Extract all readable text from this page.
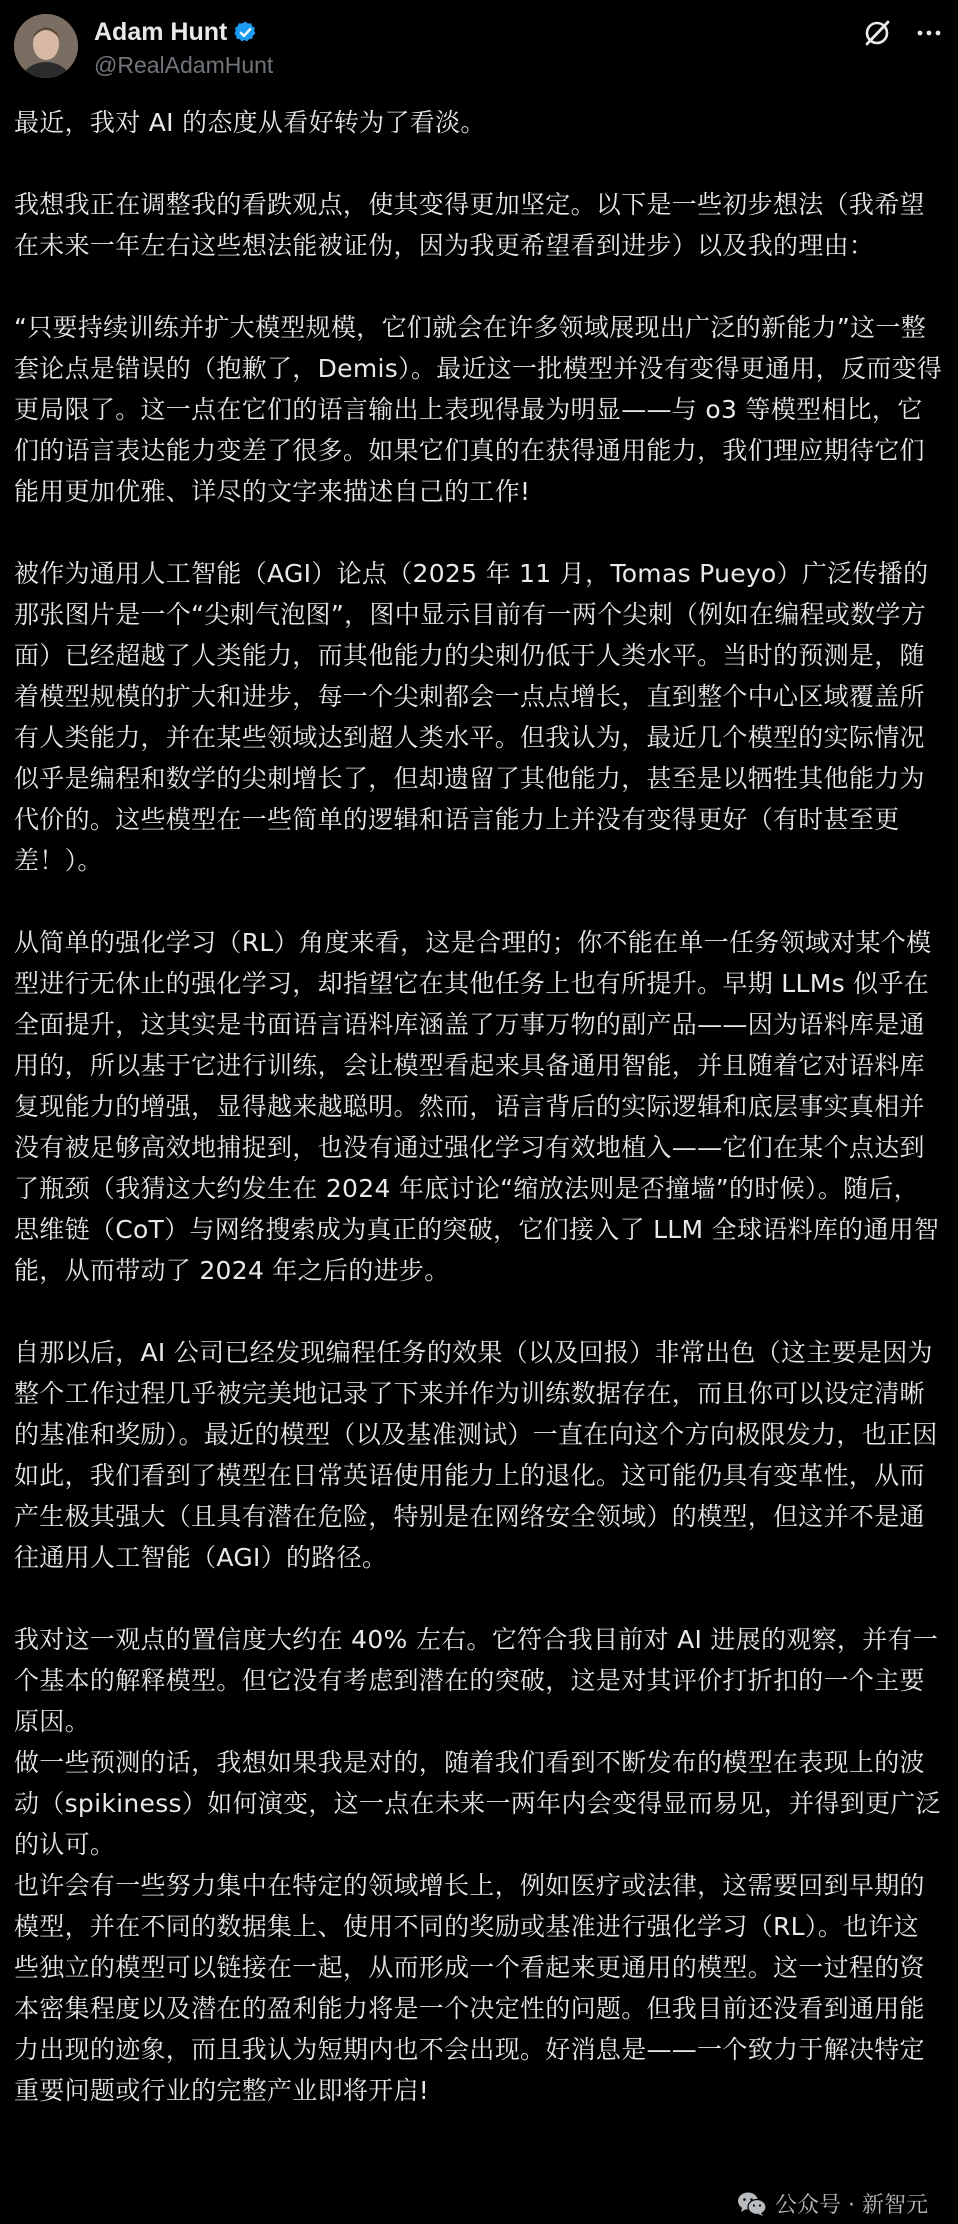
Adam Hunt
@RealAdamHunt

最近，我对 AI 的态度从看好转为了看淡。

我想我正在调整我的看跌观点，使其变得更加坚定。以下是一些初步想法（我希望在未来一年左右这些想法能被证伪，因为我更希望看到进步）以及我的理由：

“只要持续训练并扩大模型规模，它们就会在许多领域展现出广泛的新能力”这一整套论点是错误的（抱歉了，Demis）。最近这一批模型并没有变得更通用，反而变得更局限了。这一点在它们的语言输出上表现得最为明显——与 o3 等模型相比，它们的语言表达能力变差了很多。如果它们真的在获得通用能力，我们理应期待它们能用更加优雅、详尽的文字来描述自己的工作!

被作为通用人工智能（AGI）论点（2025 年 11 月，Tomas Pueyo）广泛传播的那张图片是一个“尖刺气泡图”，图中显示目前有一两个尖刺（例如在编程或数学方面）已经超越了人类能力，而其他能力的尖刺仍低于人类水平。当时的预测是，随着模型规模的扩大和进步，每一个尖刺都会一点点增长，直到整个中心区域覆盖所有人类能力，并在某些领域达到超人类水平。但我认为，最近几个模型的实际情况似乎是编程和数学的尖刺增长了，但却遗留了其他能力，甚至是以牺牲其他能力为代价的。这些模型在一些简单的逻辑和语言能力上并没有变得更好（有时甚至更差！）。

从简单的强化学习（RL）角度来看，这是合理的；你不能在单一任务领域对某个模型进行无休止的强化学习，却指望它在其他任务上也有所提升。早期 LLMs 似乎在全面提升，这其实是书面语言语料库涵盖了万事万物的副产品——因为语料库是通用的，所以基于它进行训练，会让模型看起来具备通用智能，并且随着它对语料库复现能力的增强，显得越来越聪明。然而，语言背后的实际逻辑和底层事实真相并没有被足够高效地捕捉到，也没有通过强化学习有效地植入——它们在某个点达到了瓶颈（我猜这大约发生在 2024 年底讨论“缩放法则是否撞墙”的时候）。随后，思维链（CoT）与网络搜索成为真正的突破，它们接入了 LLM 全球语料库的通用智能，从而带动了 2024 年之后的进步。

自那以后，AI 公司已经发现编程任务的效果（以及回报）非常出色（这主要是因为整个工作过程几乎被完美地记录了下来并作为训练数据存在，而且你可以设定清晰的基准和奖励）。最近的模型（以及基准测试）一直在向这个方向极限发力，也正因如此，我们看到了模型在日常英语使用能力上的退化。这可能仍具有变革性，从而产生极其强大（且具有潜在危险，特别是在网络安全领域）的模型，但这并不是通往通用人工智能（AGI）的路径。

我对这一观点的置信度大约在 40% 左右。它符合我目前对 AI 进展的观察，并有一个基本的解释模型。但它没有考虑到潜在的突破，这是对其评价打折扣的一个主要原因。

做一些预测的话，我想如果我是对的，随着我们看到不断发布的模型在表现上的波动（spikiness）如何演变，这一点在未来一两年内会变得显而易见，并得到更广泛的认可。

也许会有一些努力集中在特定的领域增长上，例如医疗或法律，这需要回到早期的模型，并在不同的数据集上、使用不同的奖励或基准进行强化学习（RL）。也许这些独立的模型可以链接在一起，从而形成一个看起来更通用的模型。这一过程的资本密集程度以及潜在的盈利能力将是一个决定性的问题。但我目前还没看到通用能力出现的迹象，而且我认为短期内也不会出现。好消息是——一个致力于解决特定重要问题或行业的完整产业即将开启!

公众号 · 新智元
